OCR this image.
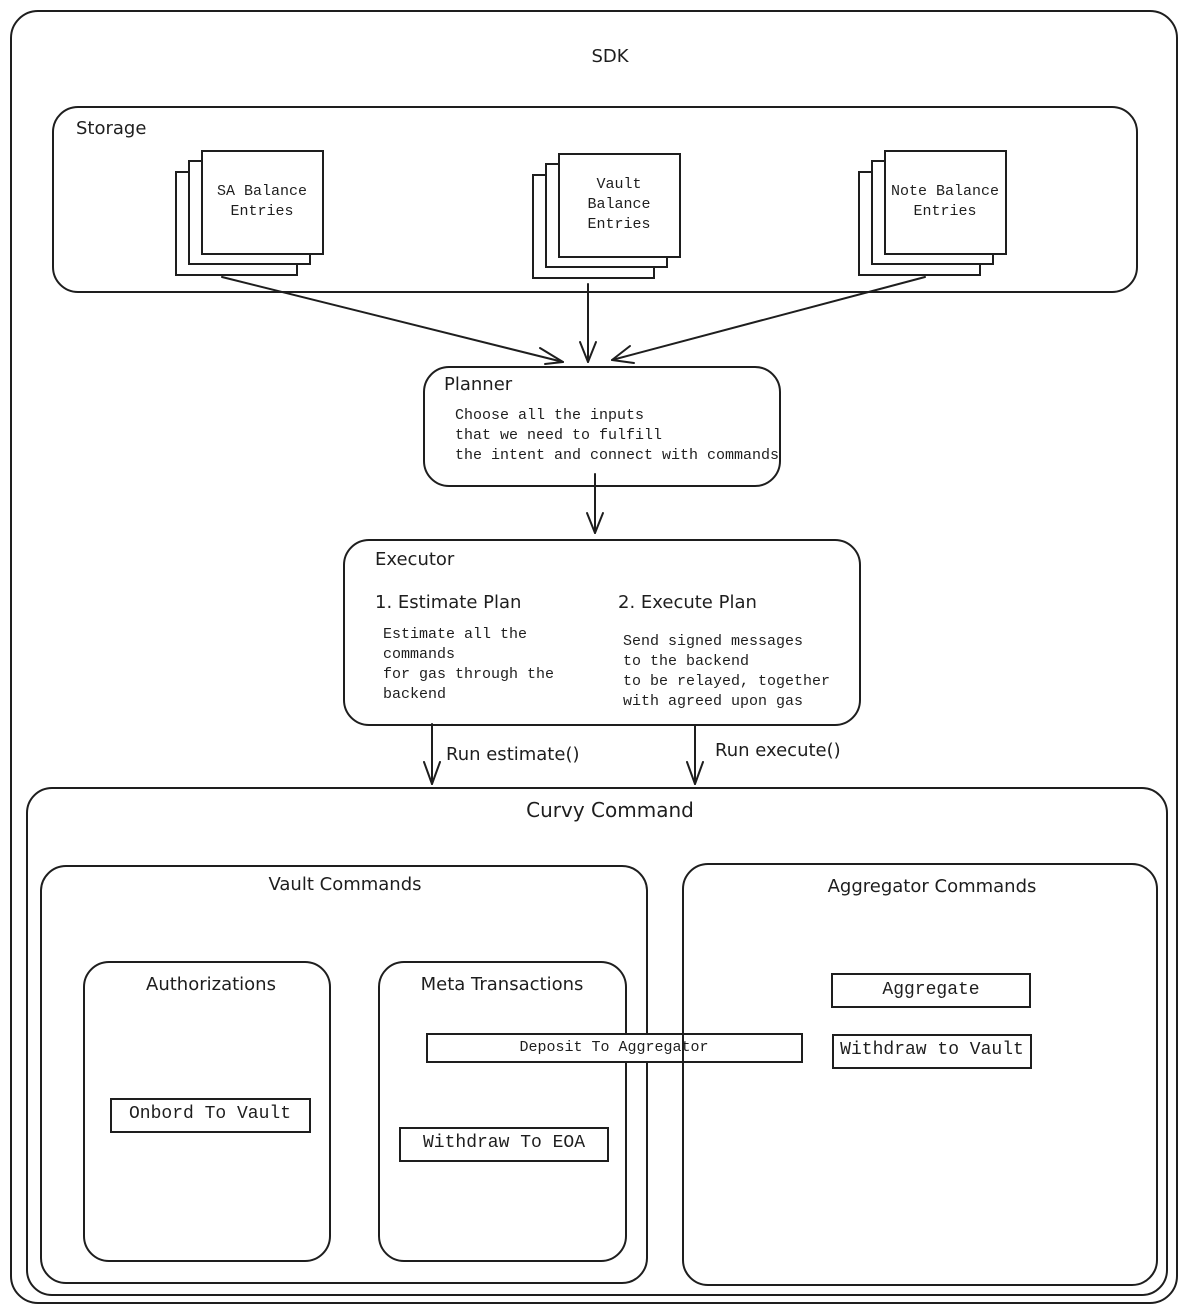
SDK
Storage
SA Balance
Entries
Vault
Balance
Entries
Note Balance
Entries
Planner
Choose all the inputs
that we need to fulfill
the intent and connect with commands
Executor
1. Estimate Plan
Estimate all the
commands
for gas through the
backend
2. Execute Plan
Send signed messages
to the backend
to be relayed, together
with agreed upon gas
Run estimate()	Run execute()
Curvy Command
Vault Commands
Authorizations
Onbord To Vault
Meta Transactions
Deposit To Aggregator
Withdraw To EOA
Aggregator Commands
Aggregate
Withdraw to Vault
